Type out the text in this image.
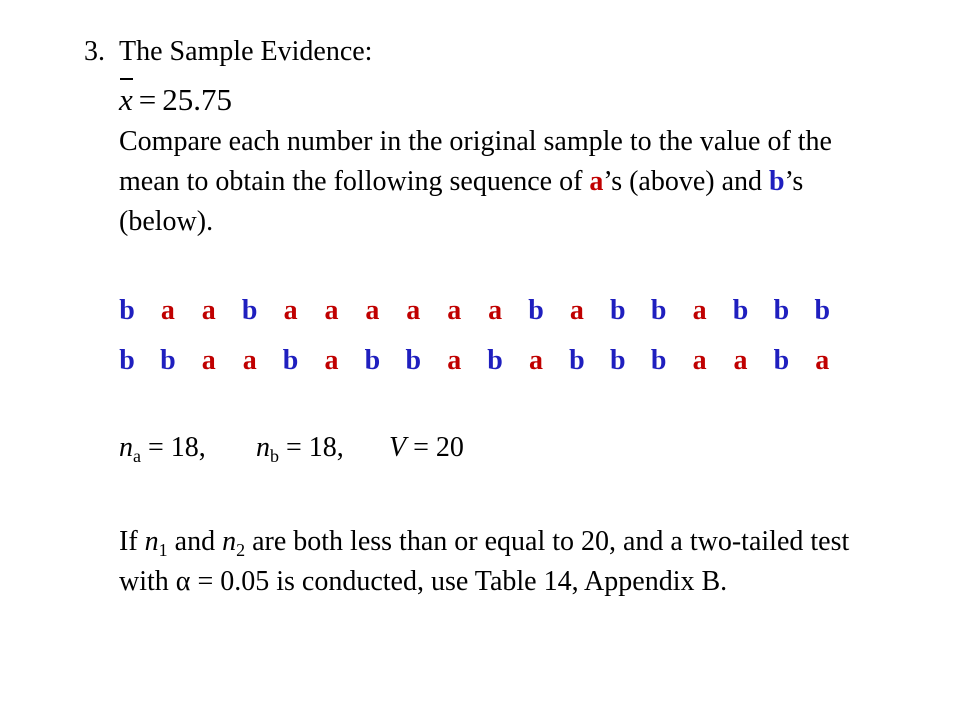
3. The Sample Evidence:
x = 25.75
Compare each number in the original sample to the value of the mean to obtain the following sequence of a’s (above) and b’s (below).
b a a b a a a a a a b a b b a b b b
b b a a b a b b a b a b b b a a b a
$n_a = 18$, $n_b = 18$, V = 20
If $n_1$ and $n_2$ are both less than or equal to 20, and a two-tailed test with α = 0.05 is conducted, use Table 14, Appendix B.
